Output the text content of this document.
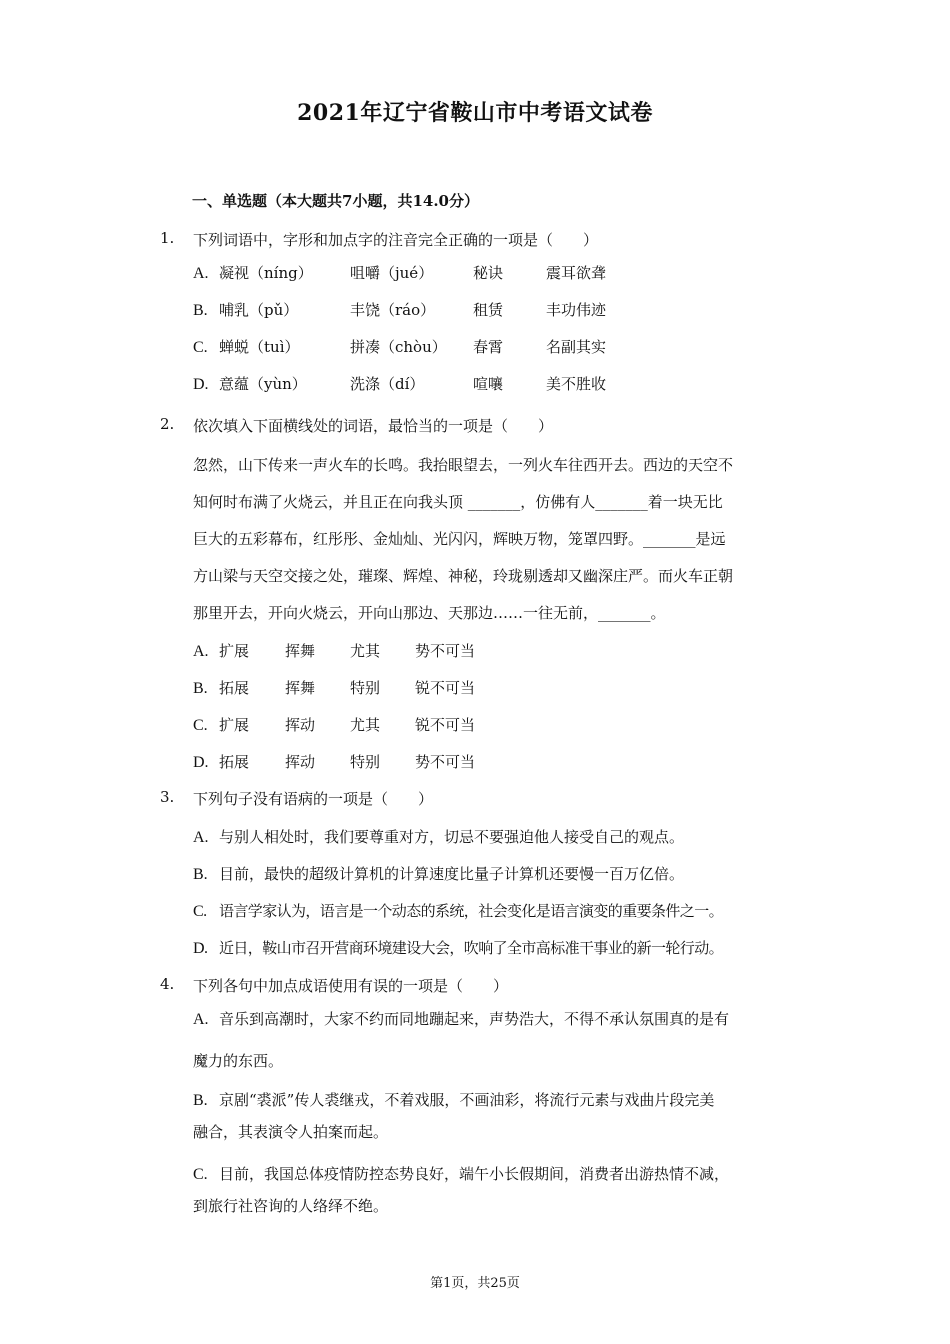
2021年辽宁省鞍山市中考语文试卷
一、单选题（本大题共7小题，共14.0分）
1. 下列词语中，字形和加点字的注音完全正确的一项是（　　）
A. 凝视（níng） 咀嚼（jué）	秘诀	震耳欲聋
B. 哺乳（pǔ）	丰饶（ráo）	租赁	丰功伟迹
C. 蝉蜕（tuì）	拼凑（chòu） 春霄	名副其实
D. 意蕴（yùn）	洗涤（dí）	喧嚷	美不胜收
2. 依次填入下面横线处的词语，最恰当的一项是（　　）
忽然，山下传来一声火车的长鸣。我抬眼望去，一列火车往西开去。西边的天空不
知何时布满了火烧云，并且正在向我头顶 _______，仿佛有人_______着一块无比
巨大的五彩幕布，红彤彤、金灿灿、光闪闪，辉映万物，笼罩四野。_______是远
方山梁与天空交接之处，璀璨、辉煌、神秘，玲珑剔透却又幽深庄严。而火车正朝
那里开去，开向火烧云，开向山那边、天那边……一往无前，_______。
A. 扩展 挥舞 尤其 势不可当
B. 拓展 挥舞 特别 锐不可当
C. 扩展 挥动 尤其 锐不可当
D. 拓展 挥动 特别 势不可当
3. 下列句子没有语病的一项是（　　）
A. 与别人相处时，我们要尊重对方，切忌不要强迫他人接受自己的观点。
B. 目前，最快的超级计算机的计算速度比量子计算机还要慢一百万亿倍。
C. 语言学家认为，语言是一个动态的系统，社会变化是语言演变的重要条件之一。
D. 近日，鞍山市召开营商环境建设大会，吹响了全市高标准干事业的新一轮行动。
4. 下列各句中加点成语使用有误的一项是（　　）
A. 音乐到高潮时，大家不约而同地蹦起来，声势浩大，不得不承认氛围真的是有
魔力的东西。
B. 京剧“裘派”传人裘继戎，不着戏服，不画油彩，将流行元素与戏曲片段完美
融合，其表演令人拍案而起。
C. 目前，我国总体疫情防控态势良好，端午小长假期间，消费者出游热情不减，
到旅行社咨询的人络绎不绝。
第1页，共25页
